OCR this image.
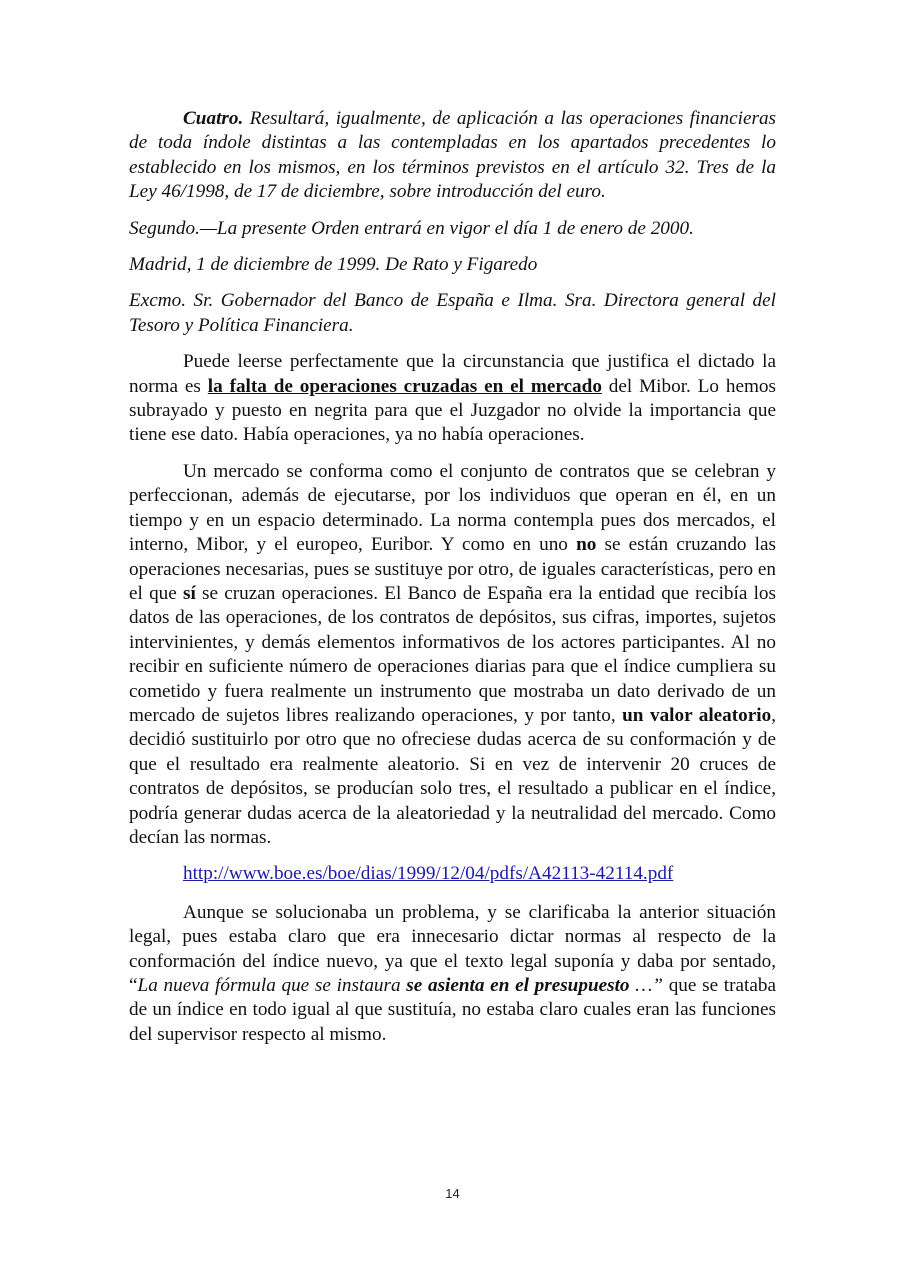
Cuatro. Resultará, igualmente, de aplicación a las operaciones financieras de toda índole distintas a las contempladas en los apartados precedentes lo establecido en los mismos, en los términos previstos en el artículo 32. Tres de la Ley 46/1998, de 17 de diciembre, sobre introducción del euro.

Segundo.—La presente Orden entrará en vigor el día 1 de enero de 2000.

Madrid, 1 de diciembre de 1999. De Rato y Figaredo

Excmo. Sr. Gobernador del Banco de España e Ilma. Sra. Directora general del Tesoro y Política Financiera.

Puede leerse perfectamente que la circunstancia que justifica el dictado la norma es la falta de operaciones cruzadas en el mercado del Mibor. Lo hemos subrayado y puesto en negrita para que el Juzgador no olvide la importancia que tiene ese dato. Había operaciones, ya no había operaciones.

Un mercado se conforma como el conjunto de contratos que se celebran y perfeccionan, además de ejecutarse, por los individuos que operan en él, en un tiempo y en un espacio determinado. La norma contempla pues dos mercados, el interno, Mibor, y el europeo, Euribor. Y como en uno no se están cruzando las operaciones necesarias, pues se sustituye por otro, de iguales características, pero en el que sí se cruzan operaciones. El Banco de España era la entidad que recibía los datos de las operaciones, de los contratos de depósitos, sus cifras, importes, sujetos intervinientes, y demás elementos informativos de los actores participantes. Al no recibir en suficiente número de operaciones diarias para que el índice cumpliera su cometido y fuera realmente un instrumento que mostraba un dato derivado de un mercado de sujetos libres realizando operaciones, y por tanto, un valor aleatorio, decidió sustituirlo por otro que no ofreciese dudas acerca de su conformación y de que el resultado era realmente aleatorio. Si en vez de intervenir 20 cruces de contratos de depósitos, se producían solo tres, el resultado a publicar en el índice, podría generar dudas acerca de la aleatoriedad y la neutralidad del mercado. Como decían las normas.

http://www.boe.es/boe/dias/1999/12/04/pdfs/A42113-42114.pdf

Aunque se solucionaba un problema, y se clarificaba la anterior situación legal, pues estaba claro que era innecesario dictar normas al respecto de la conformación del índice nuevo, ya que el texto legal suponía y daba por sentado, “La nueva fórmula que se instaura se asienta en el presupuesto …” que se trataba de un índice en todo igual al que sustituía, no estaba claro cuales eran las funciones del supervisor respecto al mismo.

14
